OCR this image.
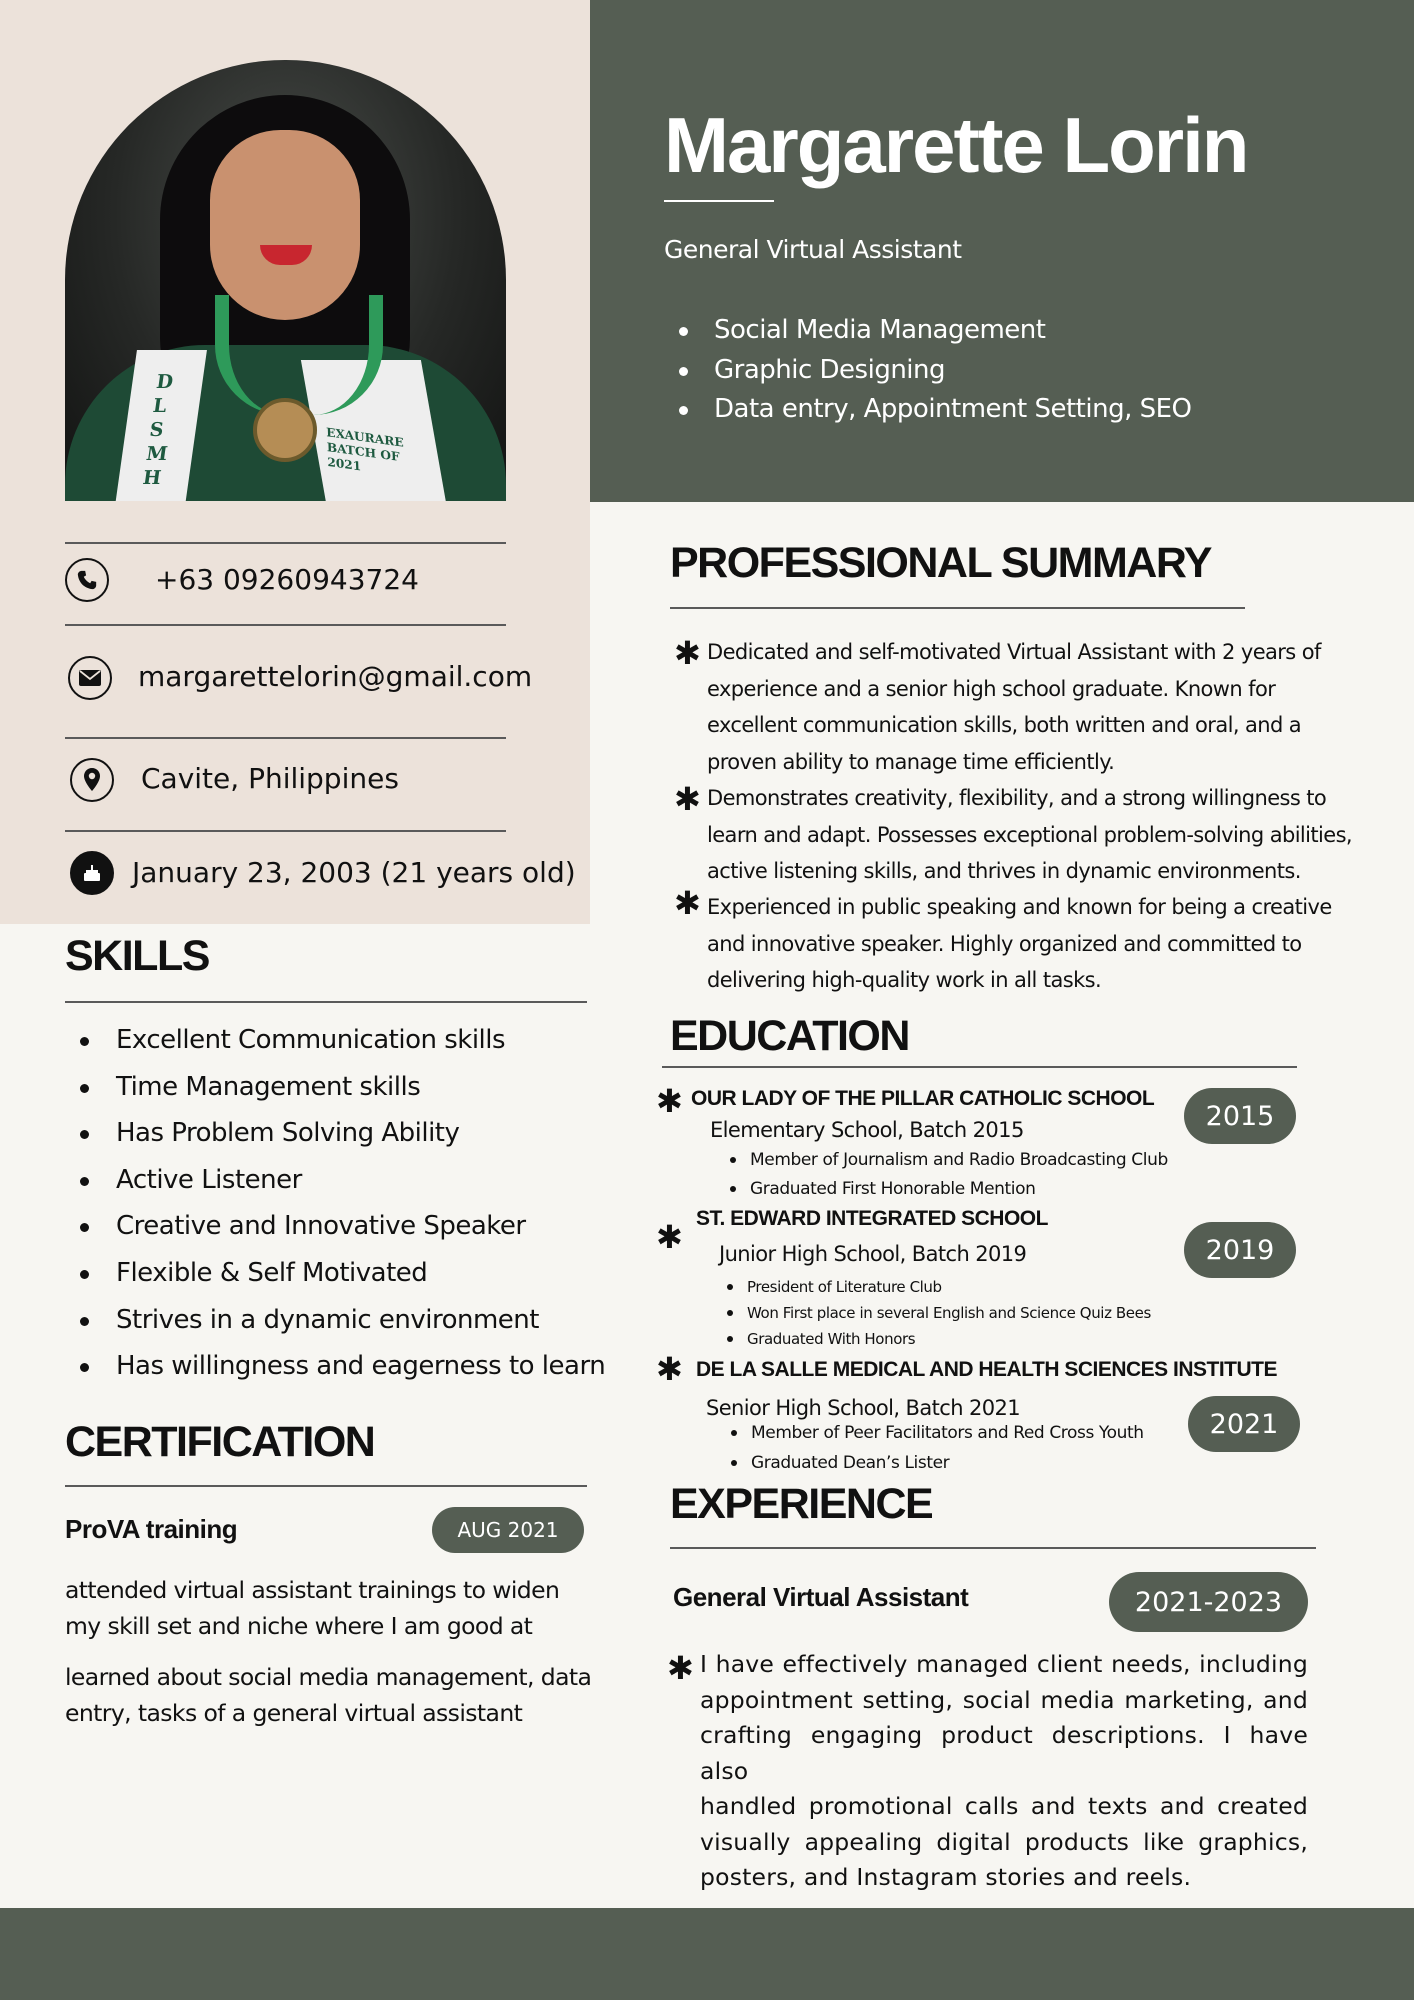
DLSMH
EXAURARE BATCH OF 2021
Margarette Lorin
General Virtual Assistant
Social Media Management
Graphic Designing
Data entry, Appointment Setting, SEO
+63 09260943724
margarettelorin@gmail.com
Cavite, Philippines
January 23, 2003 (21 years old)
SKILLS
Excellent Communication skills
Time Management skills
Has Problem Solving Ability
Active Listener
Creative and Innovative Speaker
Flexible & Self Motivated
Strives in a dynamic environment
Has willingness and eagerness to learn
CERTIFICATION
ProVA training	AUG 2021
attended virtual assistant trainings to widen
my skill set and niche where I am good at
learned about social media management, data
entry, tasks of a general virtual assistant
PROFESSIONAL SUMMARY
✱ Dedicated and self-motivated Virtual Assistant with 2 years of
experience and a senior high school graduate. Known for
excellent communication skills, both written and oral, and a
proven ability to manage time efficiently.
✱ Demonstrates creativity, flexibility, and a strong willingness to
learn and adapt. Possesses exceptional problem-solving abilities,
active listening skills, and thrives in dynamic environments.
✱ Experienced in public speaking and known for being a creative
and innovative speaker. Highly organized and committed to
delivering high-quality work in all tasks.
EDUCATION
✱ OUR LADY OF THE PILLAR CATHOLIC SCHOOL
Elementary School, Batch 2015
Member of Journalism and Radio Broadcasting Club
Graduated First Honorable Mention
2015
✱ ST. EDWARD INTEGRATED SCHOOL
Junior High School, Batch 2019
President of Literature Club
Won First place in several English and Science Quiz Bees
Graduated With Honors
2019
✱ DE LA SALLE MEDICAL AND HEALTH SCIENCES INSTITUTE
Senior High School, Batch 2021
Member of Peer Facilitators and Red Cross Youth
Graduated Dean’s Lister
2021
EXPERIENCE
General Virtual Assistant	2021-2023
✱ I have effectively managed client needs, including
appointment setting, social media marketing, and
crafting engaging product descriptions. I have also
handled promotional calls and texts and created
visually appealing digital products like graphics,
posters, and Instagram stories and reels.
